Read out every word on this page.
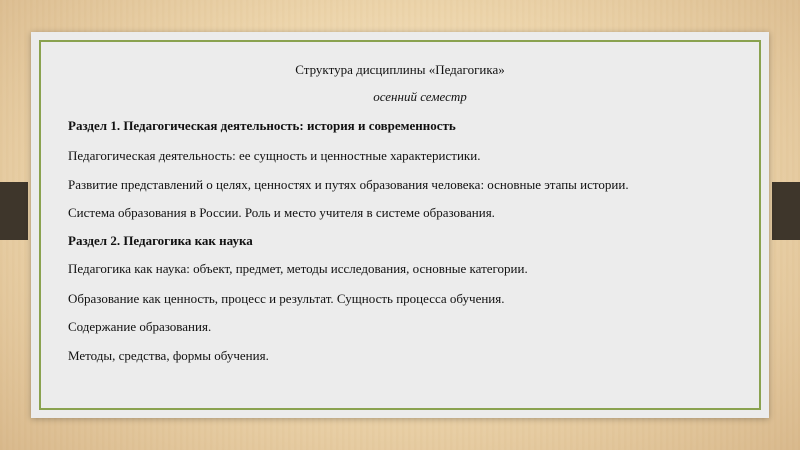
Структура дисциплины «Педагогика»
осенний семестр
Раздел 1. Педагогическая деятельность: история и современность
Педагогическая деятельность: ее сущность и ценностные характеристики.
Развитие представлений о целях, ценностях и путях образования человека: основные этапы истории.
Система образования в России. Роль и место учителя в системе образования.
Раздел 2. Педагогика как наука
Педагогика как наука: объект, предмет, методы исследования, основные категории.
Образование как ценность, процесс и результат. Сущность процесса обучения.
Содержание образования.
Методы, средства, формы обучения.
